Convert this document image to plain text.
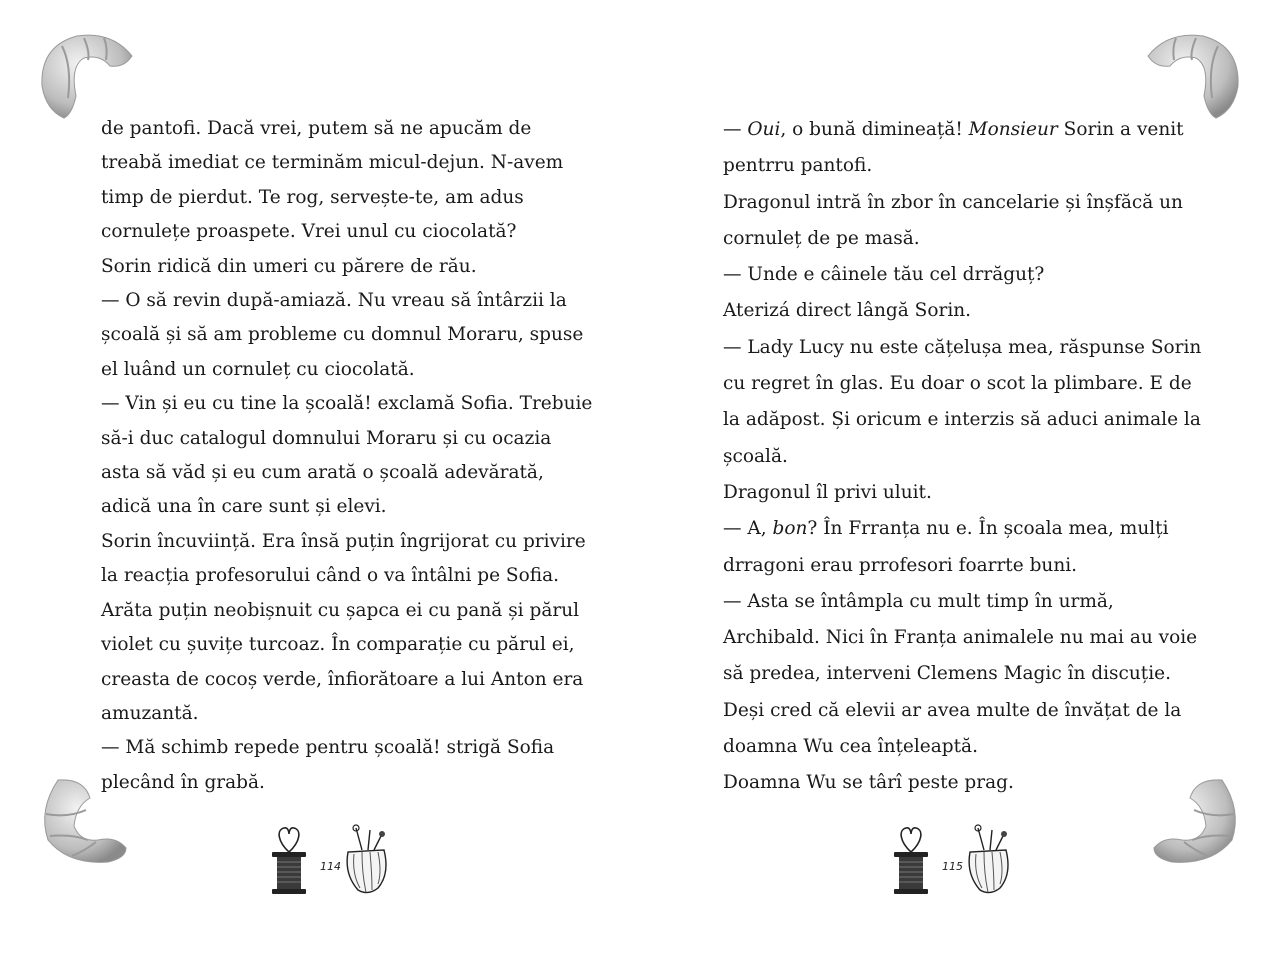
de pantofi. Dacă vrei, putem să ne apucăm de

treabă imediat ce terminăm micul-dejun. N-avem

timp de pierdut. Te rog, servește-te, am adus

cornulețe proaspete. Vrei unul cu ciocolată?

Sorin ridică din umeri cu părere de rău.

— O să revin după-amiază. Nu vreau să întârzii la

școală și să am probleme cu domnul Moraru, spuse

el luând un cornuleț cu ciocolată.

— Vin și eu cu tine la școală! exclamă Sofia. Trebuie

să-i duc catalogul domnului Moraru și cu ocazia

asta să văd și eu cum arată o școală adevărată,

adică una în care sunt și elevi.

Sorin încuviință. Era însă puțin îngrijorat cu privire

la reacția profesorului când o va întâlni pe Sofia.

Arăta puțin neobișnuit cu șapca ei cu pană și părul

violet cu șuvițe turcoaz. În comparație cu părul ei,

creasta de cocoș verde, înfiorătoare a lui Anton era

amuzantă.

— Mă schimb repede pentru școală! strigă Sofia

plecând în grabă.

114

— Oui, o bună dimineață! Monsieur Sorin a venit

pentrru pantofi.

Dragonul intră în zbor în cancelarie și înșfăcă un

cornuleț de pe masă.

— Unde e câinele tău cel drrăguț?

Aterizá direct lângă Sorin.

— Lady Lucy nu este cățelușa mea, răspunse Sorin

cu regret în glas. Eu doar o scot la plimbare. E de

la adăpost. Și oricum e interzis să aduci animale la

școală.

Dragonul îl privi uluit.

— A, bon? În Frranța nu e. În școala mea, mulți

drragoni erau prrofesori foarrte buni.

— Asta se întâmpla cu mult timp în urmă,

Archibald. Nici în Franța animalele nu mai au voie

să predea, interveni Clemens Magic în discuție.

Deși cred că elevii ar avea multe de învățat de la

doamna Wu cea înțeleaptă.

Doamna Wu se târî peste prag.

115
